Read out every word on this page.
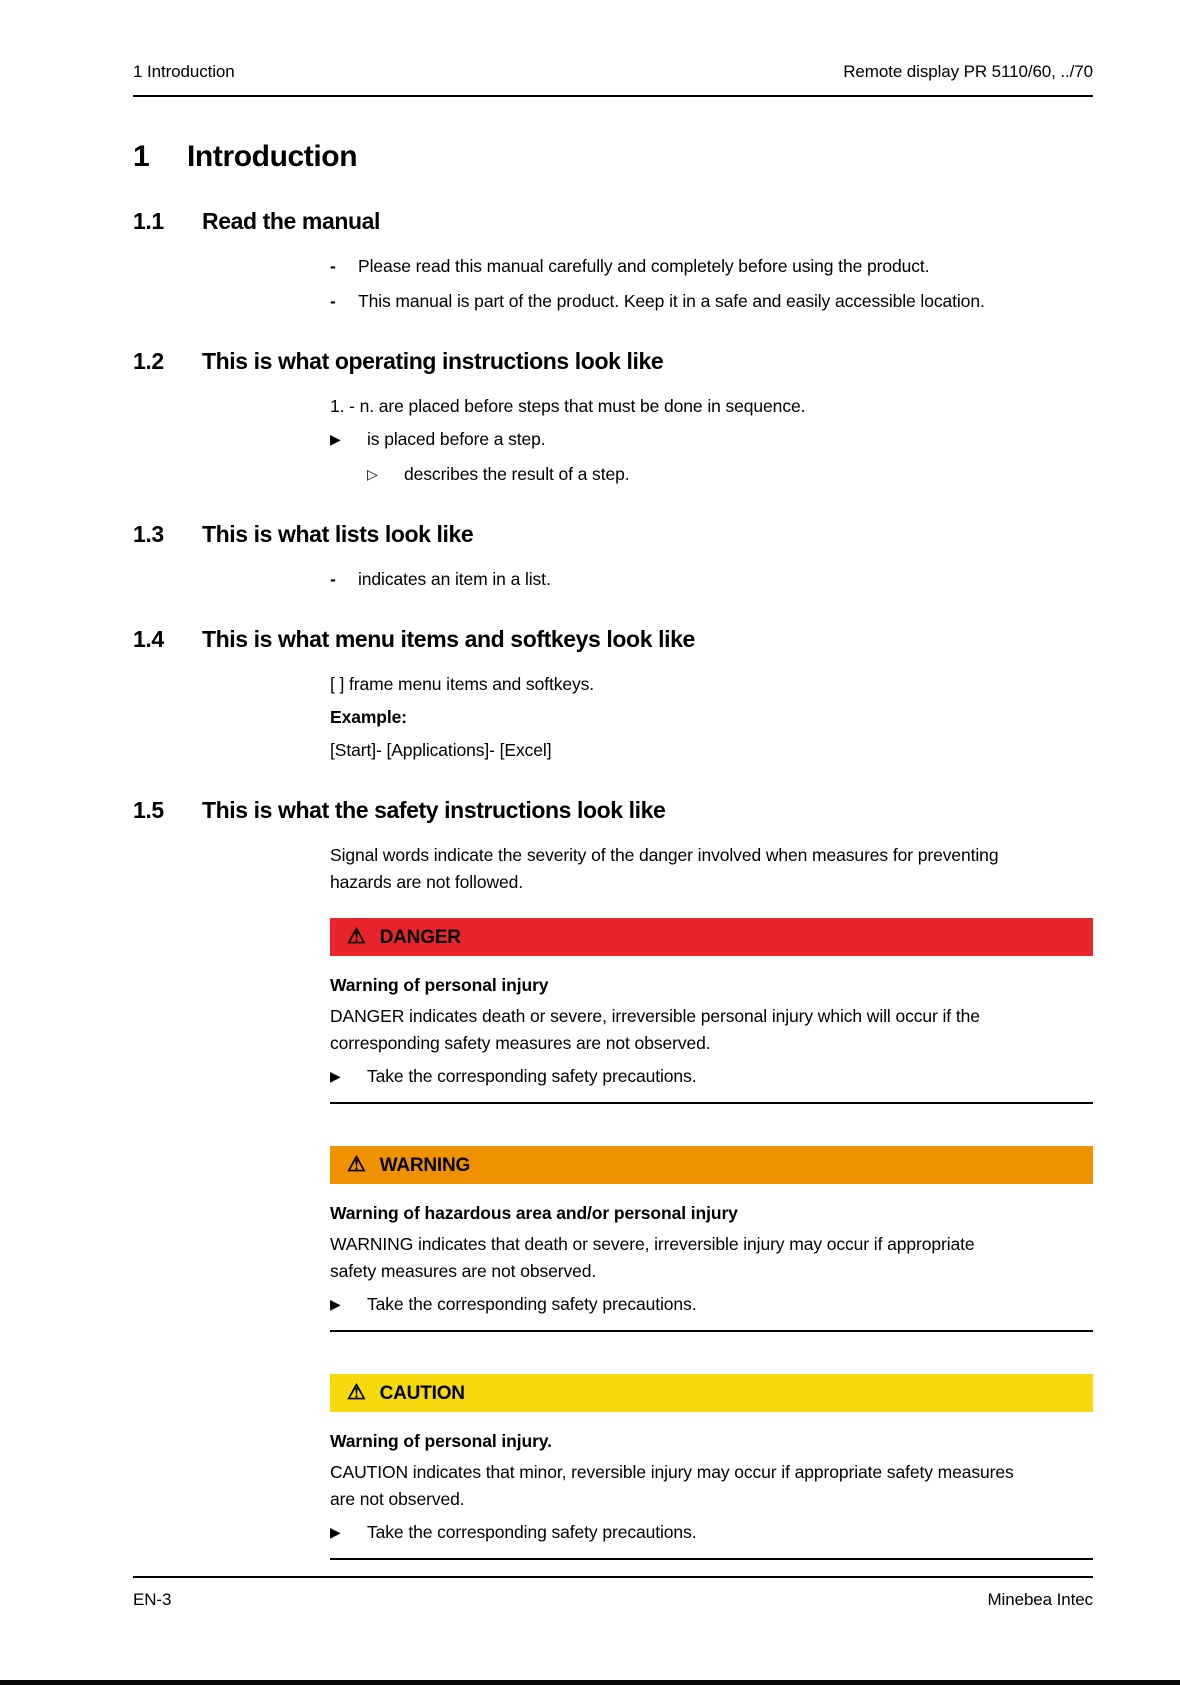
1 Introduction	Remote display PR 5110/60, ../70
1	Introduction
1.1	Read the manual
-	Please read this manual carefully and completely before using the product.
-	This manual is part of the product. Keep it in a safe and easily accessible location.
1.2	This is what operating instructions look like

1. - n. are placed before steps that must be done in sequence.

▶	is placed before a step.
▷	describes the result of a step.
1.3	This is what lists look like
-	indicates an item in a list.
1.4	This is what menu items and softkeys look like

[ ] frame menu items and softkeys.

Example:

[Start]- [Applications]- [Excel]

1.5	This is what the safety instructions look like

Signal words indicate the severity of the danger involved when measures for preventing hazards are not followed.

⚠ DANGER
Warning of personal injury
DANGER indicates death or severe, irreversible personal injury which will occur if the corresponding safety measures are not observed.
▶	Take the corresponding safety precautions.
⚠ WARNING
Warning of hazardous area and/or personal injury
WARNING indicates that death or severe, irreversible injury may occur if appropriate safety measures are not observed.
▶	Take the corresponding safety precautions.
⚠ CAUTION
Warning of personal injury.
CAUTION indicates that minor, reversible injury may occur if appropriate safety measures are not observed.
▶	Take the corresponding safety precautions.
EN-3	Minebea Intec
